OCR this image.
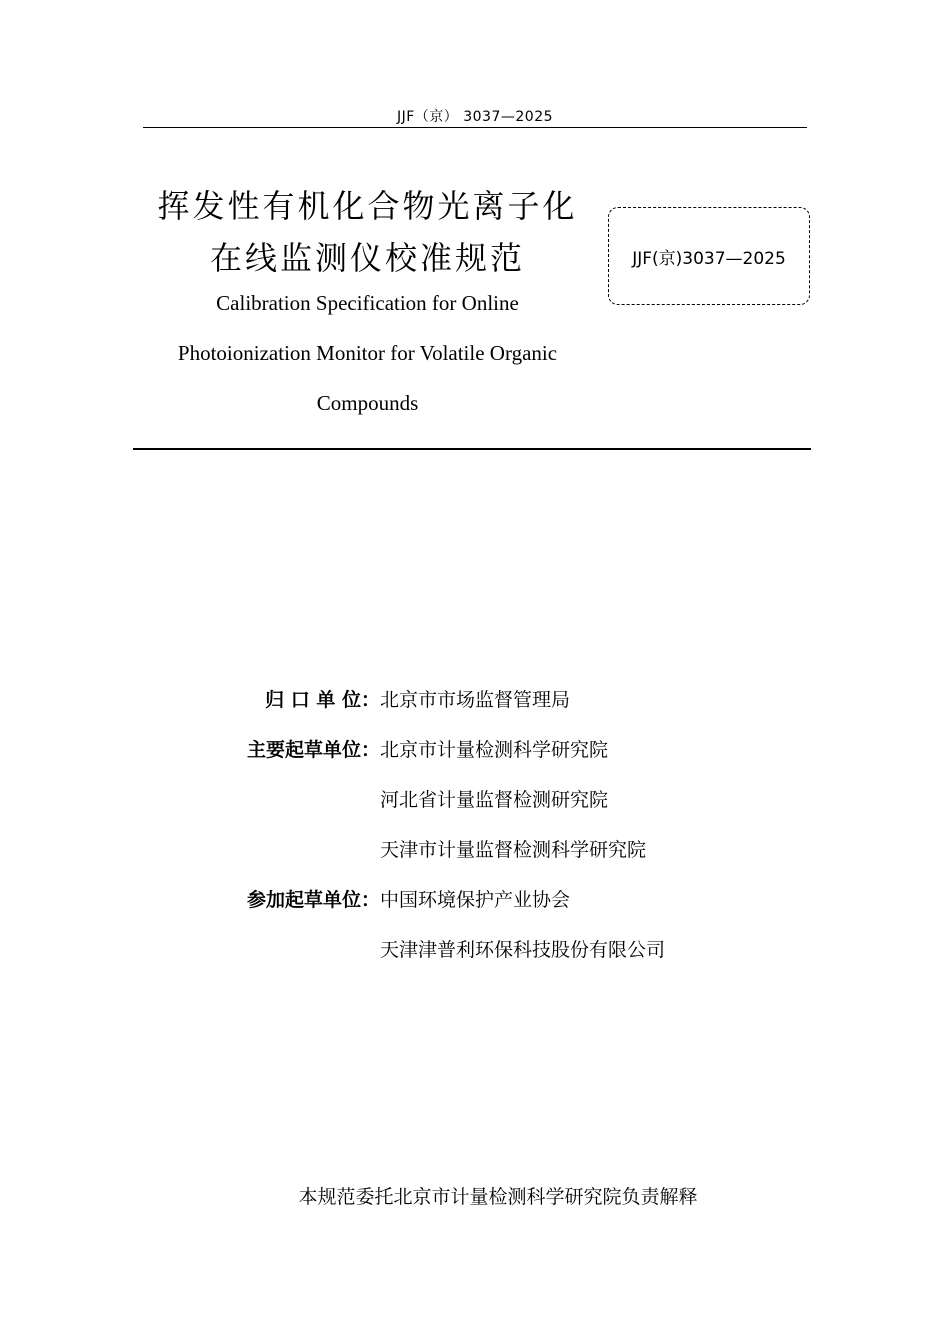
JJF（京） 3037—2025
挥发性有机化合物光离子化
在线监测仪校准规范
Calibration Specification for Online
Photoionization Monitor for Volatile Organic
Compounds
JJF(京)3037—2025
归 口 单 位： 北京市市场监督管理局
主要起草单位： 北京市计量检测科学研究院
河北省计量监督检测研究院
天津市计量监督检测科学研究院
参加起草单位： 中国环境保护产业协会
天津津普利环保科技股份有限公司
本规范委托北京市计量检测科学研究院负责解释
